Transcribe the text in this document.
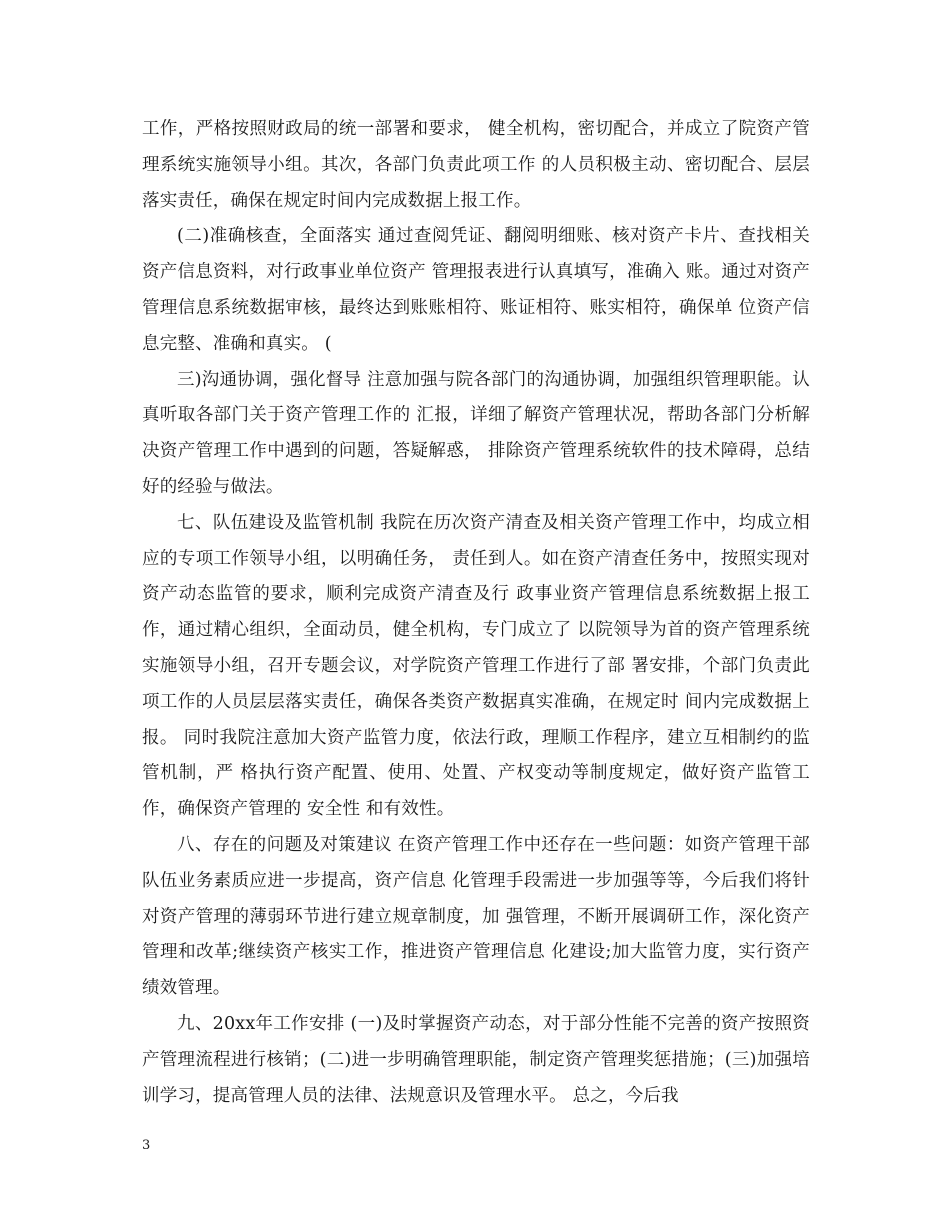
工作，严格按照财政局的统一部署和要求， 健全机构，密切配合，并成立了院资产管理系统实施领导小组。其次，各部门负责此项工作 的人员积极主动、密切配合、层层落实责任，确保在规定时间内完成数据上报工作。

(二)准确核查，全面落实 通过查阅凭证、翻阅明细账、核对资产卡片、查找相关资产信息资料，对行政事业单位资产 管理报表进行认真填写，准确入 账。通过对资产管理信息系统数据审核，最终达到账账相符、账证相符、账实相符，确保单 位资产信息完整、准确和真实。 (

三)沟通协调，强化督导 注意加强与院各部门的沟通协调，加强组织管理职能。认真听取各部门关于资产管理工作的 汇报，详细了解资产管理状况，帮助各部门分析解决资产管理工作中遇到的问题，答疑解惑， 排除资产管理系统软件的技术障碍，总结好的经验与做法。

七、队伍建设及监管机制 我院在历次资产清查及相关资产管理工作中，均成立相应的专项工作领导小组，以明确任务， 责任到人。如在资产清查任务中，按照实现对资产动态监管的要求，顺利完成资产清查及行 政事业资产管理信息系统数据上报工作，通过精心组织，全面动员，健全机构，专门成立了 以院领导为首的资产管理系统实施领导小组，召开专题会议，对学院资产管理工作进行了部 署安排，个部门负责此项工作的人员层层落实责任，确保各类资产数据真实准确，在规定时 间内完成数据上报。 同时我院注意加大资产监管力度，依法行政，理顺工作程序，建立互相制约的监管机制，严 格执行资产配置、使用、处置、产权变动等制度规定，做好资产监管工作，确保资产管理的 安全性 和有效性。

八、存在的问题及对策建议 在资产管理工作中还存在一些问题：如资产管理干部队伍业务素质应进一步提高，资产信息 化管理手段需进一步加强等等，今后我们将针对资产管理的薄弱环节进行建立规章制度，加 强管理，不断开展调研工作，深化资产管理和改革;继续资产核实工作，推进资产管理信息 化建设;加大监管力度，实行资产绩效管理。

九、20xx年工作安排 (一)及时掌握资产动态，对于部分性能不完善的资产按照资产管理流程进行核销；(二)进一步明确管理职能，制定资产管理奖惩措施；(三)加强培训学习，提高管理人员的法律、法规意识及管理水平。 总之，今后我

3
